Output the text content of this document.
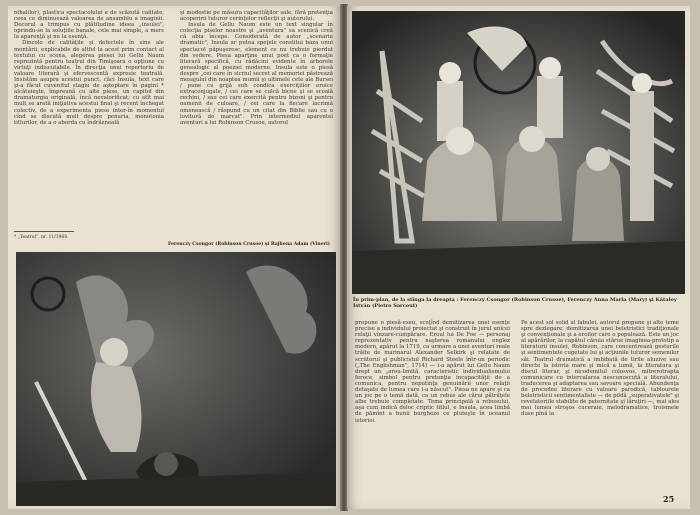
nihalilor), plastica spectacolului e de scăzută calitate, ceea ce diminuează valoarea de ansamblu a imaginii. Decorul a trimpus cu plătitudine ideea „insulei", oprindu-se la soluţiile banale, cele mai simple, a mers la aparenţă şi nu la esenţă.

Dincolo de calităţile şi defectele în sine ale montării, explicabile de altfel la acest prim contact al textului cu scena, alegerea piesei lui Gellu Naum reprezintă pentru teatrul din Timişoara o opţiune cu virtuţi indiscutabile. În direcţia unui repertoriu de valoare literară şi efervescentă expresie teatrală. Insistăm asupra acestui punct, căci Insula, text care şi-a făcut cuvenitul stagiu de aşteptare în pagini * alcătuieşte, împreună cu alte piese, un capitol din dramaturgia originală, încă nevalorificat; cu atît mai mult se arată iniţiativa acestui final şi recent închegat colectiv, de a experimenta piese inter-în momentul cînd se discută mult despre penuria, monotonia titlurilor, de a o aborda cu îndrăzneală

* „Teatrul", nr. 11/1968.

şi modestie pe măsura capacităţilor sale, fără pretenţia acoperirii tuturor cerinţelor reflecţii şi autorului.

Insula de Gellu Naum este un text singular în colecţia piselor noastre şi „aventura" sa scenică creă că abia începe. Considerată de autor „scenariu dramatic", Insula ar putea speţele constitui baza unui spectacol păpuşeresc, element ce nu trebuie pierdut din vedere. Piesa aparţine unui poet ca o formaţie literară specifică, cu rădăcini evidente în arborele genealogic al poeziei moderne. Insula este o piesă despre „cei care în sicriul secret al memoriei păstrează mesajului din noaptea mumii şi ultimele cete ale Bursei / pune cu grijă sub condica exerciţiilor eroice extraconjugale, / cei care se culcă bicne şi se scoală rechini, / sau cei care exercită pentru bizoni şi pentru oamenii de culoare, / cei care la fiecare lacrimă omenească / răspund cu un citat din Biblie sau cu o lovitură de marcat". Prin intermediul aparentei aventuri a lui Robinson Crusoe, autorul

Ferenczy Csongor (Robinson Crusoe) şi Rajhona Adam (Vineri)
În prim-plan, de la stînga la dreapta : Ferenczy Csongor (Robinson Crusoe), Ferenczy Anna Maria (Mary) şi Kátaloy István (Pietro Sarcout)

propune o piesă-eseu, scoţînd demitizarea unei esenţe precise a individului proiectat şi construit în jurul unicei relaţii vînzare-cumpărare. Eroul lui De Foe — personaj reprezentativ pentru naşterea romanului englez modern, apărut la 1719, ca urmare a unei aventuri reale trăite de marinarul Alexander Selkirk şi relatate de scriitorul şi publicistul Richard Steele într-un periodic („The Englishman", 1714) — i-a apărut lui Gellu Naum drept un „erou-limită, caracteristic individualismului feroce, simbol pentru pretenţia incapacităţii de a comunica, pentru neputinţa genuinării unor relaţii detaşate de lumea care l-a născut". Piesa ne apare şi ca un joc pe o temă dată, ca un rebus ale cărui pătrăţele albe trebuie completate. Tema principală a rebusului, aşa cum indică deloc criptic titlul, e Insula, acea limbă de pămînt a bunii burgheze ce pluteşte în oceanul istoriei.

Pe acest sol solid al fabulei, autorul propune şi alte teme spre dezlegare: demitizarea unei beletristici tradiţionale şi convenţionale şi a eroilor care o populează. Este un joc al apărărilor, la capătul căruia stărue imaginea-prototip a literaturii insulei, Robinson, care concentrează gesturile şi sentimentele cugetate lui şi acţiunile tuturor semenilor săi. Teatrul dramatică a imbibată de tirile aluzive sau directe la istoria mare şi mică a lumii, la literatura şi discul literar, şi nicodemitul colosvos, mitrerotrapta comunicare cu intercalarea nescunoscută a literalului, traducerea şi adaptarea sau savoare specială. Abundenţa de procedee literare cu valoare parodică, tablourele beletristicii sentimentaliste — de pildă „superativatele" şi revelatoriile stabilite de paternitate şi lăruţiri —, mai ales mai lumea stroşos cuceraie, melodramatice, troismele duse pînă la

25
